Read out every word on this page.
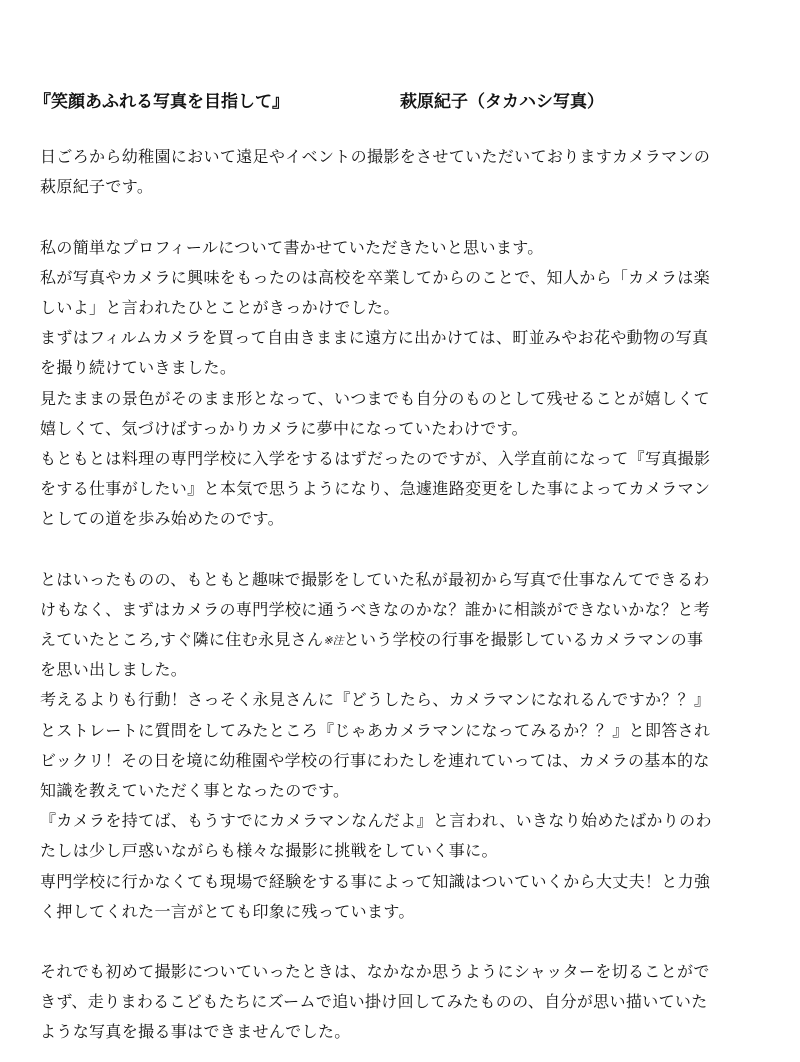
『笑顔あふれる写真を目指して』	萩原紀子（タカハシ写真）
日ごろから幼稚園において遠足やイベントの撮影をさせていただいておりますカメラマンの
萩原紀子です。
私の簡単なプロフィールについて書かせていただきたいと思います。
私が写真やカメラに興味をもったのは高校を卒業してからのことで、知人から「カメラは楽
しいよ」と言われたひとことがきっかけでした。
まずはフィルムカメラを買って自由きままに遠方に出かけては、町並みやお花や動物の写真
を撮り続けていきました。
見たままの景色がそのまま形となって、いつまでも自分のものとして残せることが嬉しくて
嬉しくて、気づけばすっかりカメラに夢中になっていたわけです。
もともとは料理の専門学校に入学をするはずだったのですが、入学直前になって『写真撮影
をする仕事がしたい』と本気で思うようになり、急遽進路変更をした事によってカメラマン
としての道を歩み始めたのです。
とはいったものの、もともと趣味で撮影をしていた私が最初から写真で仕事なんてできるわ
けもなく、まずはカメラの専門学校に通うべきなのかな？誰かに相談ができないかな？と考
えていたところ,すぐ隣に住む永見さん※注という学校の行事を撮影しているカメラマンの事
を思い出しました。
考えるよりも行動！さっそく永見さんに『どうしたら、カメラマンになれるんですか？？』
とストレートに質問をしてみたところ『じゃあカメラマンになってみるか？？』と即答され
ビックリ！その日を境に幼稚園や学校の行事にわたしを連れていっては、カメラの基本的な
知識を教えていただく事となったのです。
『カメラを持てば、もうすでにカメラマンなんだよ』と言われ、いきなり始めたばかりのわ
たしは少し戸惑いながらも様々な撮影に挑戦をしていく事に。
専門学校に行かなくても現場で経験をする事によって知識はついていくから大丈夫！と力強
く押してくれた一言がとても印象に残っています。
それでも初めて撮影についていったときは、なかなか思うようにシャッターを切ることがで
きず、走りまわるこどもたちにズームで追い掛け回してみたものの、自分が思い描いていた
ような写真を撮る事はできませんでした。
